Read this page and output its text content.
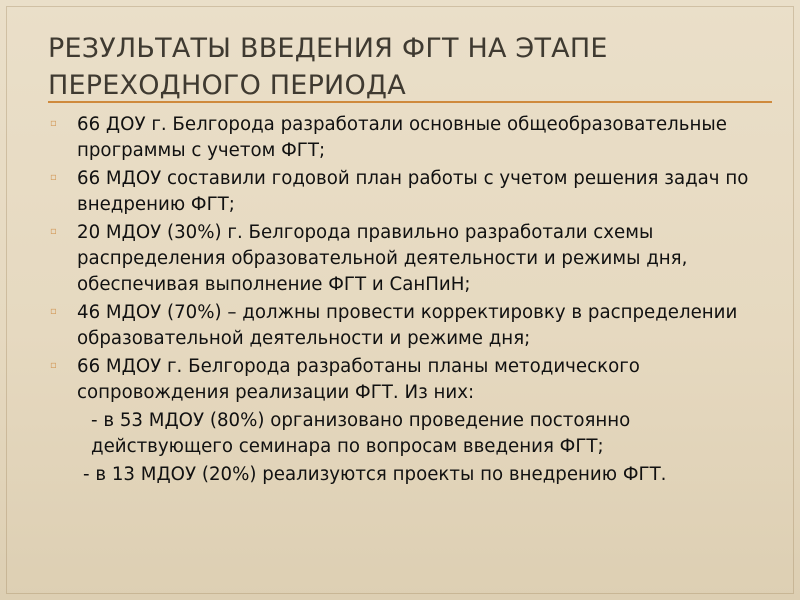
РЕЗУЛЬТАТЫ ВВЕДЕНИЯ ФГТ НА ЭТАПЕ
ПЕРЕХОДНОГО ПЕРИОДА
▫ 66 ДОУ г. Белгорода разработали основные общеобразовательные программы с учетом ФГТ;
▫ 66 МДОУ составили годовой план работы с учетом решения задач по внедрению ФГТ;
▫ 20 МДОУ (30%) г. Белгорода правильно разработали схемы распределения образовательной деятельности и режимы дня, обеспечивая выполнение ФГТ и СанПиН;
▫ 46 МДОУ (70%) – должны провести корректировку в распределении образовательной деятельности и режиме дня;
▫ 66 МДОУ г. Белгорода разработаны планы методического сопровождения реализации ФГТ. Из них:
- в 53 МДОУ (80%) организовано проведение постоянно действующего семинара по вопросам введения ФГТ;
- в 13 МДОУ (20%) реализуются проекты по внедрению ФГТ.
